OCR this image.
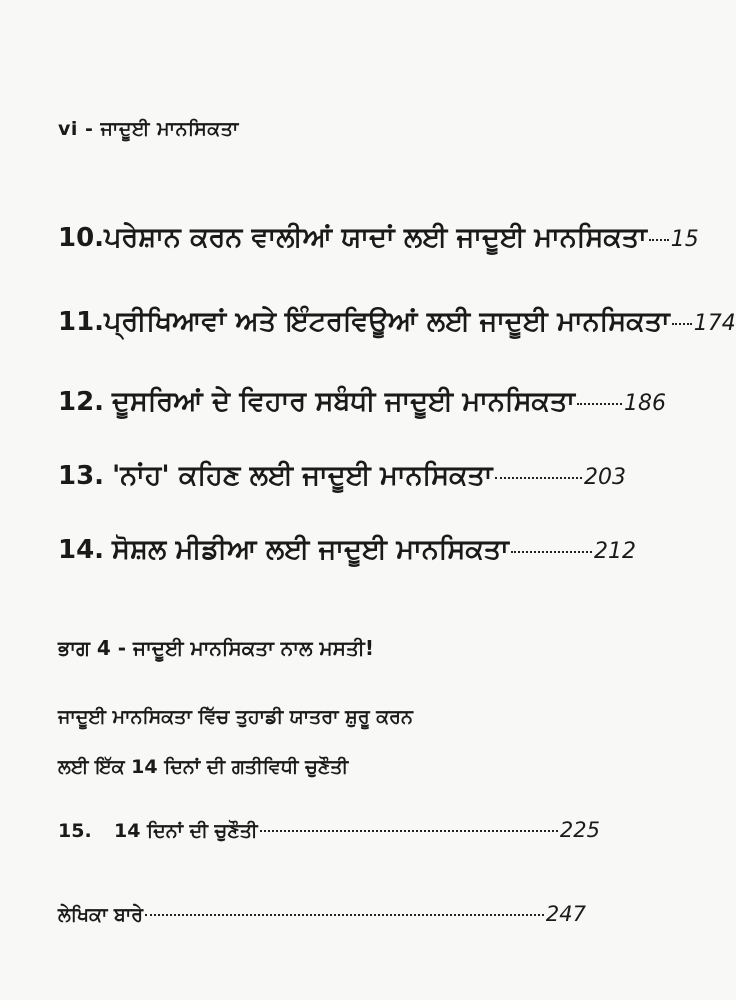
vi - ਜਾਦੂਈ ਮਾਨਸਿਕਤਾ
10. ਪਰੇਸ਼ਾਨ ਕਰਨ ਵਾਲੀਆਂ ਯਾਦਾਂ ਲਈ ਜਾਦੂਈ ਮਾਨਸਿਕਤਾ 15
11. ਪ੍ਰੀਖਿਆਵਾਂ ਅਤੇ ਇੰਟਰਵਿਊਆਂ ਲਈ ਜਾਦੂਈ ਮਾਨਸਿਕਤਾ 174
12. ਦੂਸਰਿਆਂ ਦੇ ਵਿਹਾਰ ਸਬੰਧੀ ਜਾਦੂਈ ਮਾਨਸਿਕਤਾ 186
13. 'ਨਾਂਹ' ਕਹਿਣ ਲਈ ਜਾਦੂਈ ਮਾਨਸਿਕਤਾ	203
14. ਸੋਸ਼ਲ ਮੀਡੀਆ ਲਈ ਜਾਦੂਈ ਮਾਨਸਿਕਤਾ	212
ਭਾਗ 4 - ਜਾਦੂਈ ਮਾਨਸਿਕਤਾ ਨਾਲ ਮਸਤੀ!
ਜਾਦੂਈ ਮਾਨਸਿਕਤਾ ਵਿੱਚ ਤੁਹਾਡੀ ਯਾਤਰਾ ਸ਼ੁਰੂ ਕਰਨ
ਲਈ ਇੱਕ 14 ਦਿਨਾਂ ਦੀ ਗਤੀਵਿਧੀ ਚੁਣੌਤੀ
15.	14 ਦਿਨਾਂ ਦੀ ਚੁਣੌਤੀ	225
ਲੇਖਿਕਾ ਬਾਰੇ	247
